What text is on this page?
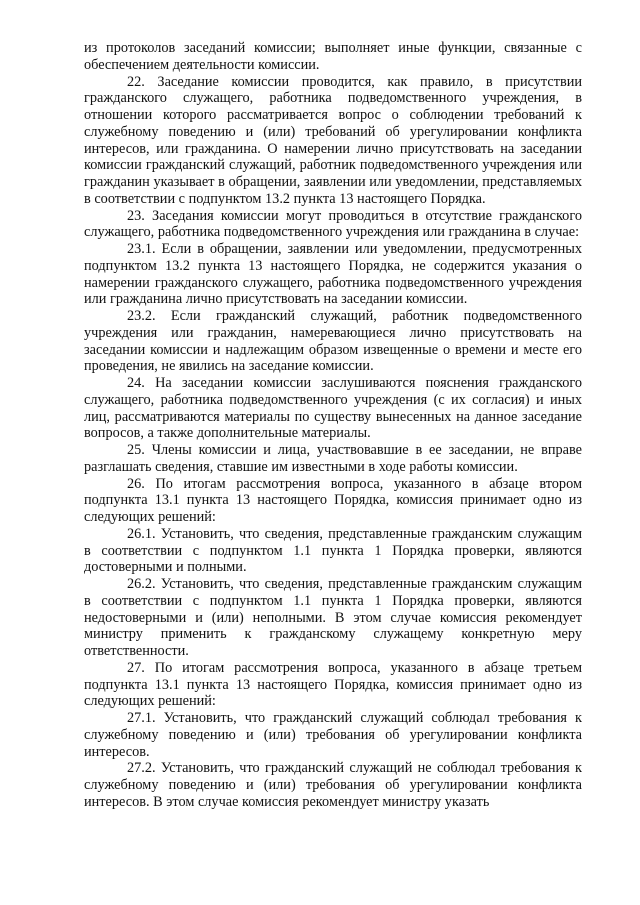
из протоколов заседаний комиссии; выполняет иные функции, связанные с обеспечением деятельности комиссии.

22. Заседание комиссии проводится, как правило, в присутствии гражданского служащего, работника подведомственного учреждения, в отношении которого рассматривается вопрос о соблюдении требований к служебному поведению и (или) требований об урегулировании конфликта интересов, или гражданина. О намерении лично присутствовать на заседании комиссии гражданский служащий, работник подведомственного учреждения или гражданин указывает в обращении, заявлении или уведомлении, представляемых в соответствии с подпунктом 13.2 пункта 13 настоящего Порядка.

23. Заседания комиссии могут проводиться в отсутствие гражданского служащего, работника подведомственного учреждения или гражданина в случае:

23.1. Если в обращении, заявлении или уведомлении, предусмотренных подпунктом 13.2 пункта 13 настоящего Порядка, не содержится указания о намерении гражданского служащего, работника подведомственного учреждения или гражданина лично присутствовать на заседании комиссии.

23.2. Если гражданский служащий, работник подведомственного учреждения или гражданин, намеревающиеся лично присутствовать на заседании комиссии и надлежащим образом извещенные о времени и месте его проведения, не явились на заседание комиссии.

24. На заседании комиссии заслушиваются пояснения гражданского служащего, работника подведомственного учреждения (с их согласия) и иных лиц, рассматриваются материалы по существу вынесенных на данное заседание вопросов, а также дополнительные материалы.

25. Члены комиссии и лица, участвовавшие в ее заседании, не вправе разглашать сведения, ставшие им известными в ходе работы комиссии.

26. По итогам рассмотрения вопроса, указанного в абзаце втором подпункта 13.1 пункта 13 настоящего Порядка, комиссия принимает одно из следующих решений:

26.1. Установить, что сведения, представленные гражданским служащим в соответствии с подпунктом 1.1 пункта 1 Порядка проверки, являются достоверными и полными.

26.2. Установить, что сведения, представленные гражданским служащим в соответствии с подпунктом 1.1 пункта 1 Порядка проверки, являются недостоверными и (или) неполными. В этом случае комиссия рекомендует министру применить к гражданскому служащему конкретную меру ответственности.

27. По итогам рассмотрения вопроса, указанного в абзаце третьем подпункта 13.1 пункта 13 настоящего Порядка, комиссия принимает одно из следующих решений:

27.1. Установить, что гражданский служащий соблюдал требования к служебному поведению и (или) требования об урегулировании конфликта интересов.

27.2. Установить, что гражданский служащий не соблюдал требования к служебному поведению и (или) требования об урегулировании конфликта интересов. В этом случае комиссия рекомендует министру указать
